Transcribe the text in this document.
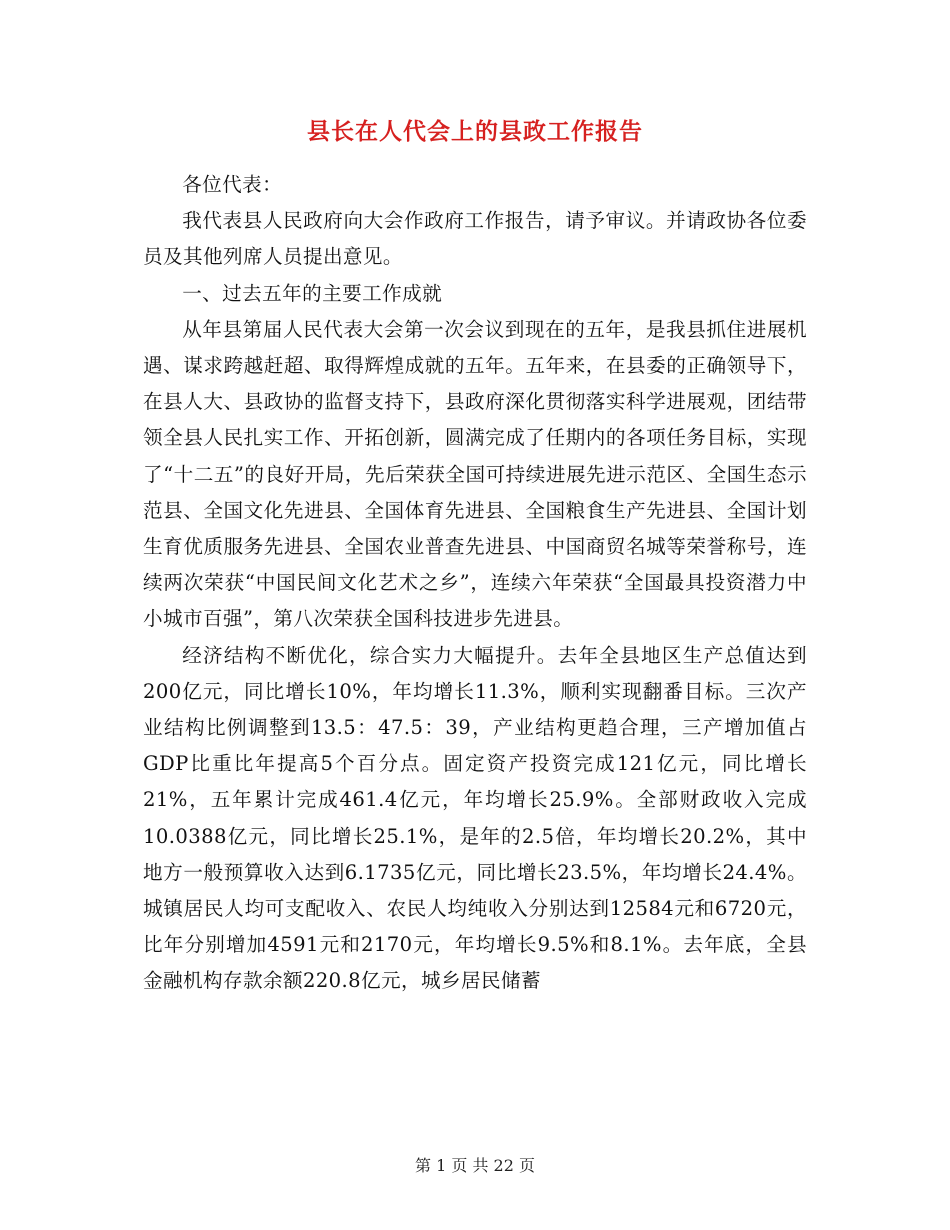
县长在人代会上的县政工作报告

各位代表：

我代表县人民政府向大会作政府工作报告，请予审议。并请政协各位委员及其他列席人员提出意见。

一、过去五年的主要工作成就

从年县第届人民代表大会第一次会议到现在的五年，是我县抓住进展机遇、谋求跨越赶超、取得辉煌成就的五年。五年来，在县委的正确领导下，在县人大、县政协的监督支持下，县政府深化贯彻落实科学进展观，团结带领全县人民扎实工作、开拓创新，圆满完成了任期内的各项任务目标，实现了“十二五”的良好开局，先后荣获全国可持续进展先进示范区、全国生态示范县、全国文化先进县、全国体育先进县、全国粮食生产先进县、全国计划生育优质服务先进县、全国农业普查先进县、中国商贸名城等荣誉称号，连续两次荣获“中国民间文化艺术之乡”，连续六年荣获“全国最具投资潜力中小城市百强”，第八次荣获全国科技进步先进县。

经济结构不断优化，综合实力大幅提升。去年全县地区生产总值达到200亿元，同比增长10%，年均增长11.3%，顺利实现翻番目标。三次产业结构比例调整到13.5：47.5：39，产业结构更趋合理，三产增加值占GDP比重比年提高5个百分点。固定资产投资完成121亿元，同比增长21%，五年累计完成461.4亿元，年均增长25.9%。全部财政收入完成10.0388亿元，同比增长25.1%，是年的2.5倍，年均增长20.2%，其中地方一般预算收入达到6.1735亿元，同比增长23.5%，年均增长24.4%。城镇居民人均可支配收入、农民人均纯收入分别达到12584元和6720元，比年分别增加4591元和2170元，年均增长9.5%和8.1%。去年底，全县金融机构存款余额220.8亿元，城乡居民储蓄

第 1 页 共 22 页
